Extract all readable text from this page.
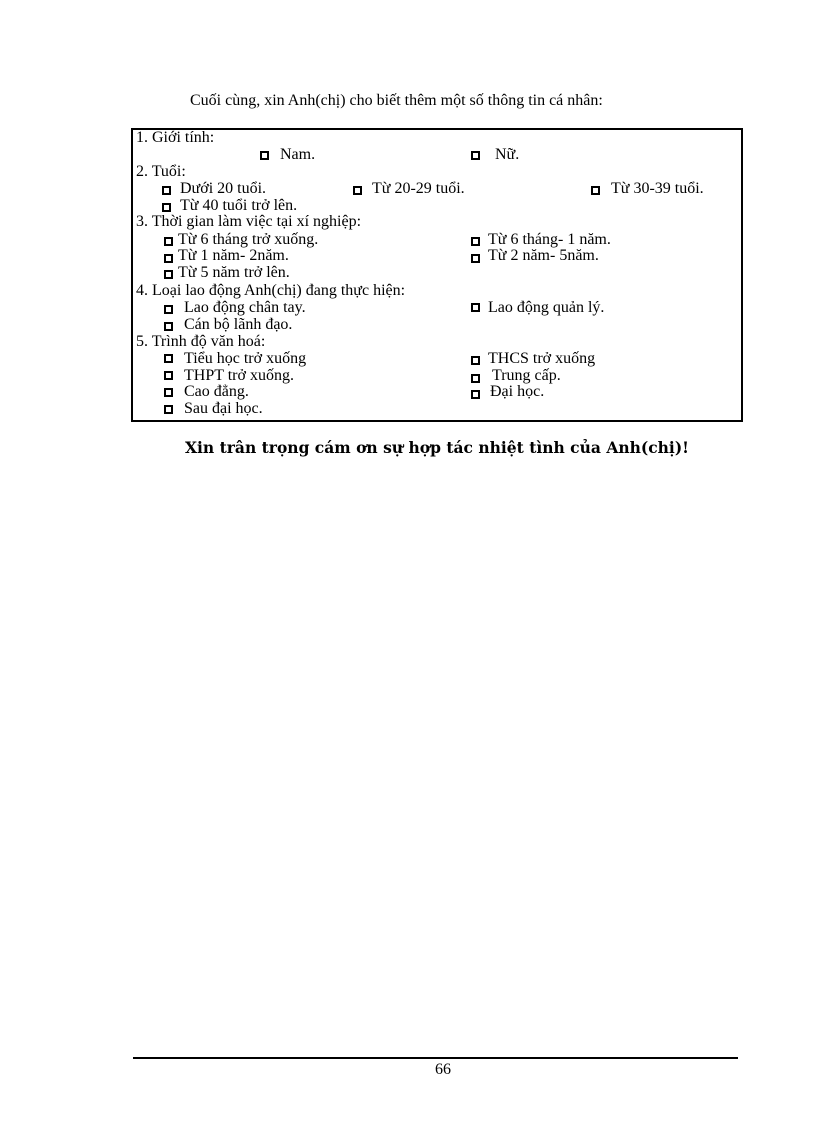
Cuối cùng, xin Anh(chị) cho biết thêm một số thông tin cá nhân:
1. Giới tính:
Nam.	Nữ.
2. Tuổi:
Dưới 20 tuổi.	Từ 20-29 tuổi.	Từ 30-39 tuổi.
Từ 40 tuổi trở lên.
3. Thời gian làm việc tại xí nghiệp:
Từ 6 tháng trở xuống.	Từ 6 tháng- 1 năm.
Từ 1 năm- 2năm.	Từ 2 năm- 5năm.
Từ 5 năm trở lên.
4. Loại lao động Anh(chị) đang thực hiện:
Lao động chân tay.	Lao động quản lý.
Cán bộ lãnh đạo.
5. Trình độ văn hoá:
Tiểu học trở xuống	THCS trở xuống
THPT trở xuống.	Trung cấp.
Cao đẳng.	Đại học.
Sau đại học.
Xin trân trọng cám ơn sự hợp tác nhiệt tình của Anh(chị)!
66
